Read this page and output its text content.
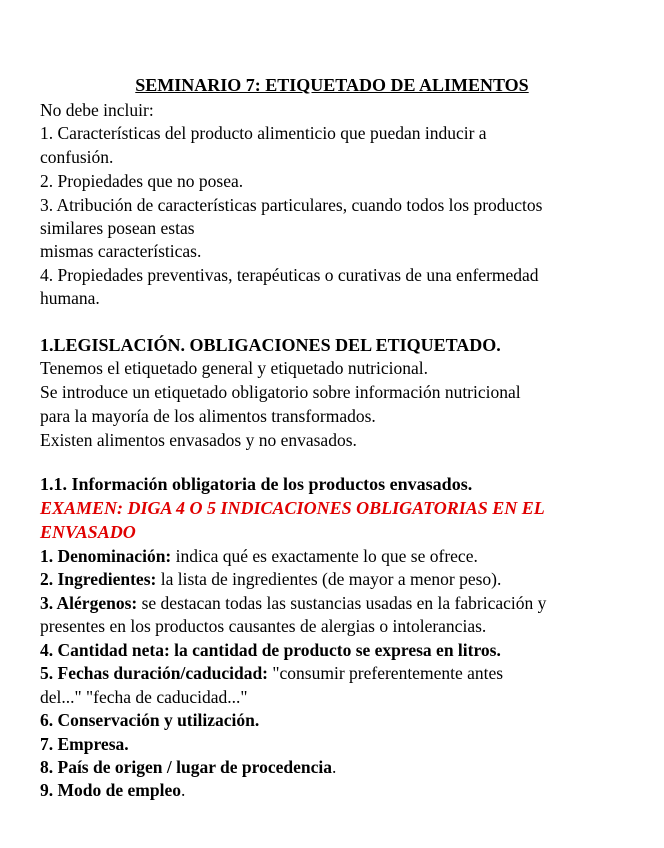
SEMINARIO 7: ETIQUETADO DE ALIMENTOS
No debe incluir:
1. Características del producto alimenticio que puedan inducir a
confusión.
2. Propiedades que no posea.
3. Atribución de características particulares, cuando todos los productos
similares posean estas
mismas características.
4. Propiedades preventivas, terapéuticas o curativas de una enfermedad
humana.
1.LEGISLACIÓN. OBLIGACIONES DEL ETIQUETADO.
Tenemos el etiquetado general y etiquetado nutricional.
Se introduce un etiquetado obligatorio sobre información nutricional
para la mayoría de los alimentos transformados.
Existen alimentos envasados y no envasados.
1.1. Información obligatoria de los productos envasados.
EXAMEN: DIGA 4 O 5 INDICACIONES OBLIGATORIAS EN EL
ENVASADO
1. Denominación: indica qué es exactamente lo que se ofrece.
2. Ingredientes: la lista de ingredientes (de mayor a menor peso).
3. Alérgenos: se destacan todas las sustancias usadas en la fabricación y
presentes en los productos causantes de alergias o intolerancias.
4. Cantidad neta: la cantidad de producto se expresa en litros.
5. Fechas duración/caducidad: "consumir preferentemente antes
del..." "fecha de caducidad..."
6. Conservación y utilización.
7. Empresa.
8. País de origen / lugar de procedencia.
9. Modo de empleo.
